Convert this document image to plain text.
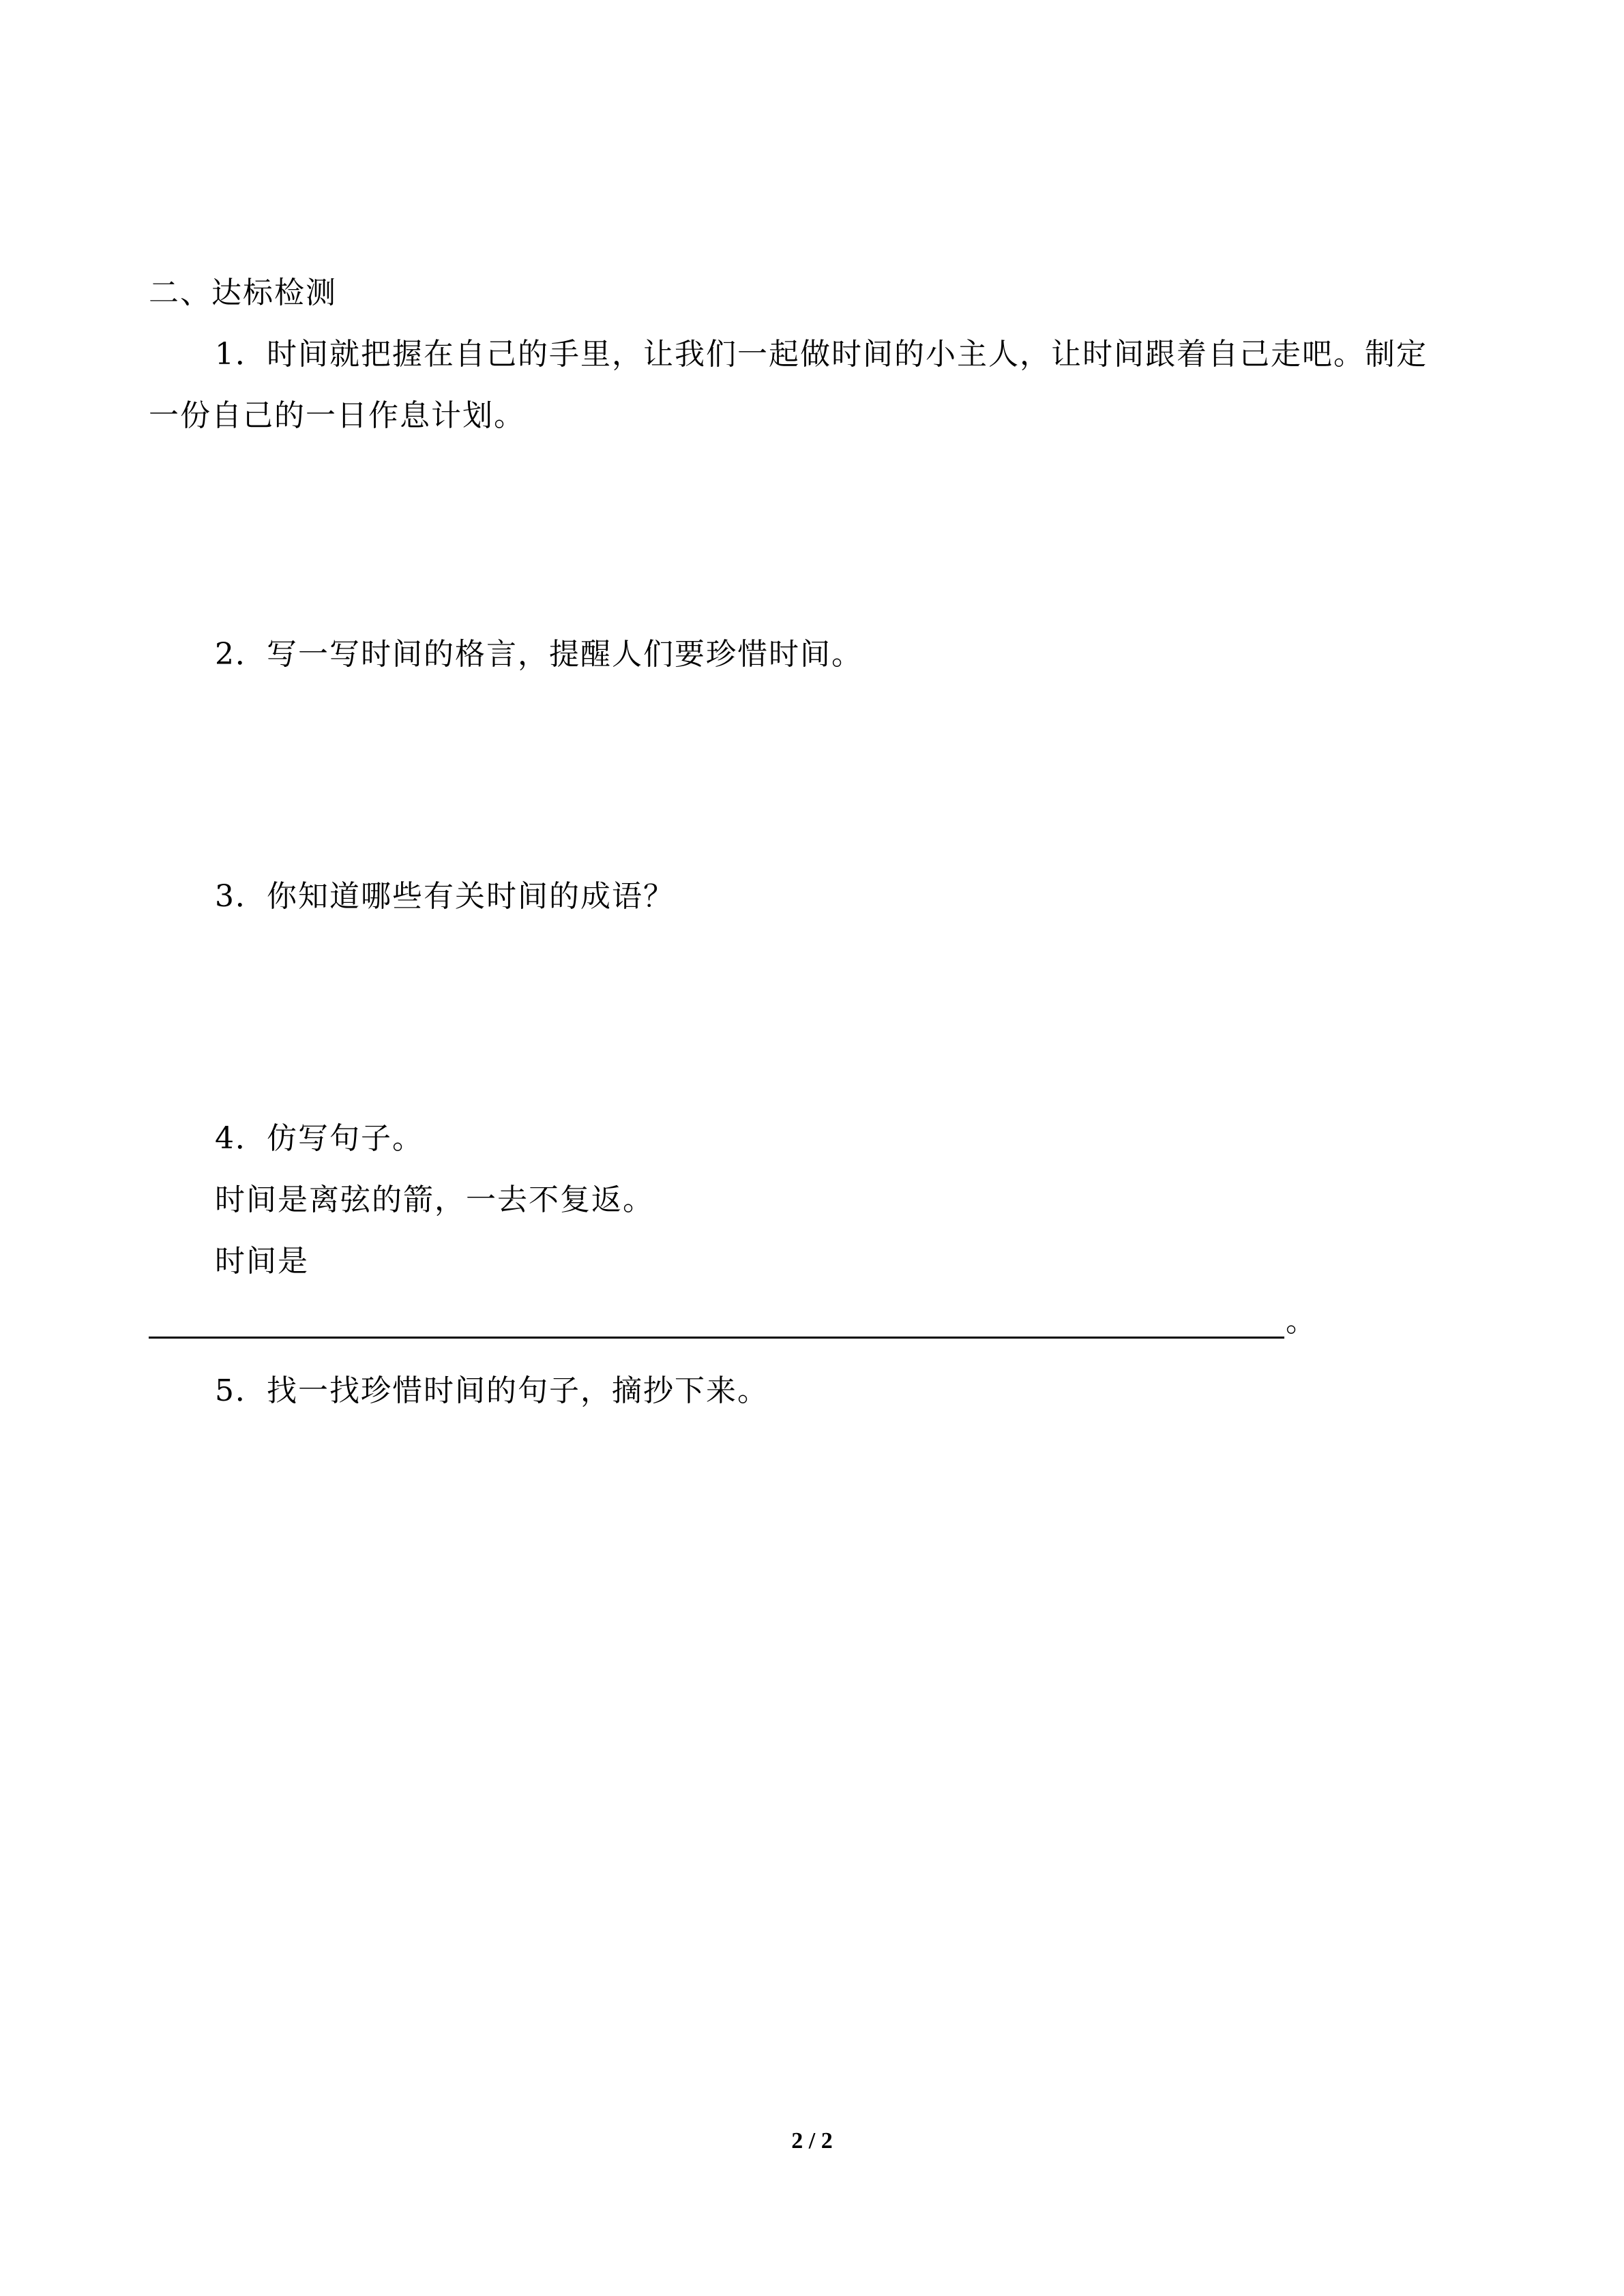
二、达标检测
1．时间就把握在自己的手里，让我们一起做时间的小主人，让时间跟着自己走吧。制定
一份自己的一日作息计划。
2．写一写时间的格言，提醒人们要珍惜时间。
3．你知道哪些有关时间的成语？
4．仿写句子。
时间是离弦的箭，一去不复返。
时间是
。
5．找一找珍惜时间的句子，摘抄下来。
2 / 2
